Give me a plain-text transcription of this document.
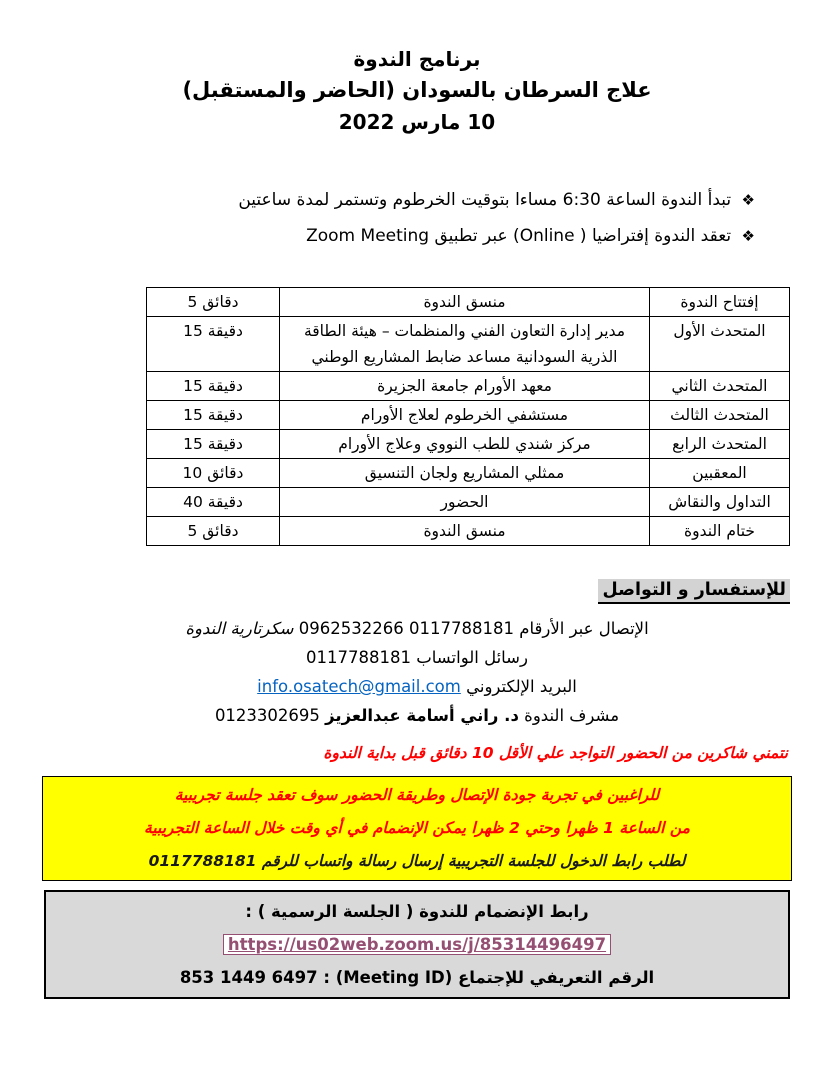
برنامج الندوة
علاج السرطان بالسودان (الحاضر والمستقبل)
10 مارس 2022
❖ تبدأ الندوة الساعة 6:30 مساءا بتوقيت الخرطوم وتستمر لمدة ساعتين
❖ تعقد الندوة إفتراضيا ( Online) عبر تطبيق Zoom Meeting
إفتتاح الندوة	منسق الندوة	5 دقائق
المتحدث الأول	مدير إدارة التعاون الفني والمنظمات – هيئة الطاقة الذرية السودانية مساعد ضابط المشاريع الوطني	15 دقيقة
المتحدث الثاني	معهد الأورام جامعة الجزيرة	15 دقيقة
المتحدث الثالث	مستشفي الخرطوم لعلاج الأورام	15 دقيقة
المتحدث الرابع	مركز شندي للطب النووي وعلاج الأورام	15 دقيقة
المعقبين	ممثلي المشاريع ولجان التنسيق	10 دقائق
التداول والنقاش	الحضور	40 دقيقة
ختام الندوة	منسق الندوة	5 دقائق
للإستفسار و التواصل

الإتصال عبر الأرقام 0117788181 0962532266 سكرتارية الندوة

رسائل الواتساب 0117788181

البريد الإلكتروني info.osatech@gmail.com

مشرف الندوة د. راني أسامة عبدالعزيز 0123302695

نتمني شاكرين من الحضور التواجد علي الأقل 10 دقائق قبل بداية الندوة

للراغبين في تجربة جودة الإتصال وطريقة الحضور سوف تعقد جلسة تجريبية
من الساعة 1 ظهرا وحتي 2 ظهرا يمكن الإنضمام في أي وقت خلال الساعة التجريبية
لطلب رابط الدخول للجلسة التجريبية إرسال رسالة واتساب للرقم 0117788181
رابط الإنضمام للندوة ( الجلسة الرسمية ) : https://us02web.zoom.us/j/85314496497
الرقم التعريفي للإجتماع (Meeting ID) : 853 1449 6497
